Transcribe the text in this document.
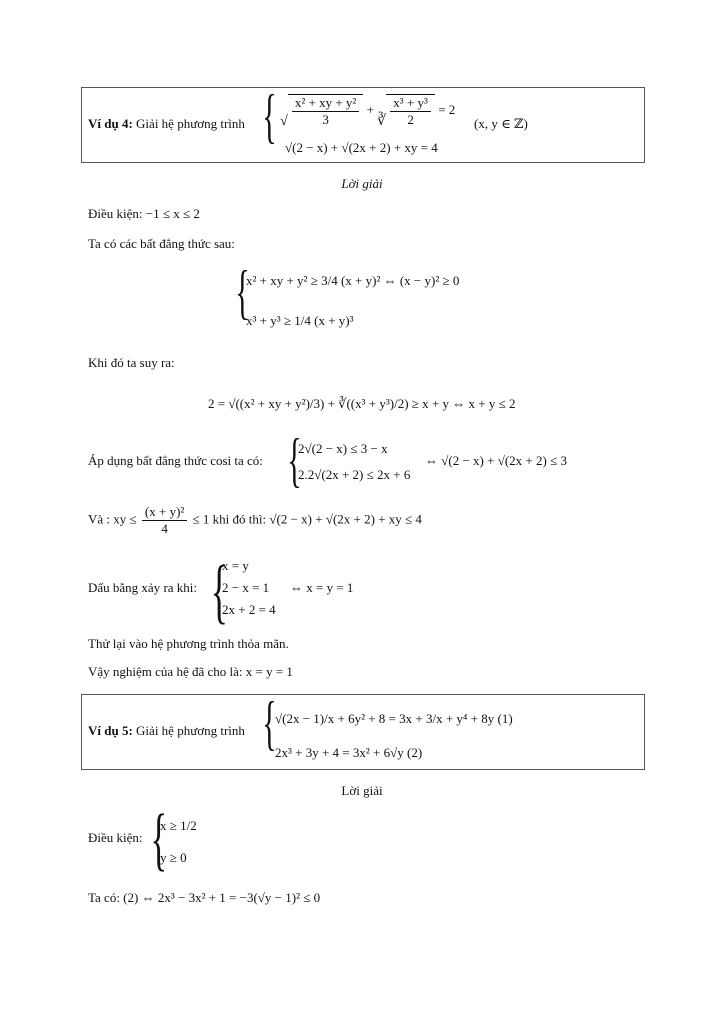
Ví dụ 4: Giải hệ phương trình { √ $\frac{\text{x² + xy + y²}}{3}$ +
∛ $\frac{\text{x³ + y³}}{2} = 2$
(x, y ∈ ℤ)
√(2 − x) + √(2x + 2) + xy = 4
Lời giải
Điều kiện: −1 ≤ x ≤ 2
Ta có các bất đẳng thức sau:
{
x² + xy + y² ≥ 3/4 (x + y)² ⇔ (x − y)² ≥ 0
x³ + y³ ≥ 1/4 (x + y)³
Khi đó ta suy ra:
2 = √((x² + xy + y²)/3) + ∛((x³ + y³)/2) ≥ x + y ⇔ x + y ≤ 2
Áp dụng bất đẳng thức cosi ta có: {
2√(2 − x) ≤ 3 − x
2.2√(2x + 2) ≤ 2x + 6
⇔ √(2 − x) + √(2x + 2) ≤ 3
Và : xy ≤ $\frac{\text{(x + y)²}}{4} \le 1$ khi đó thì: √(2 − x) + √(2x + 2) + xy ≤ 4
Dấu bằng xảy ra khi: {
x = y
2 − x = 1
2x + 2 = 4
⇔ x = y = 1
Thử lại vào hệ phương trình thỏa mãn.
Vậy nghiệm của hệ đã cho là: x = y = 1
Ví dụ 5: Giải hệ phương trình {
√(2x − 1)/x + 6y² + 8 = 3x + 3/x + y⁴ + 8y (1)
2x³ + 3y + 4 = 3x² + 6√y (2)
Lời giải
Điều kiện: {
x ≥ 1/2
y ≥ 0
Ta có: (2) ⇔ 2x³ − 3x² + 1 = −3(√y − 1)² ≤ 0
